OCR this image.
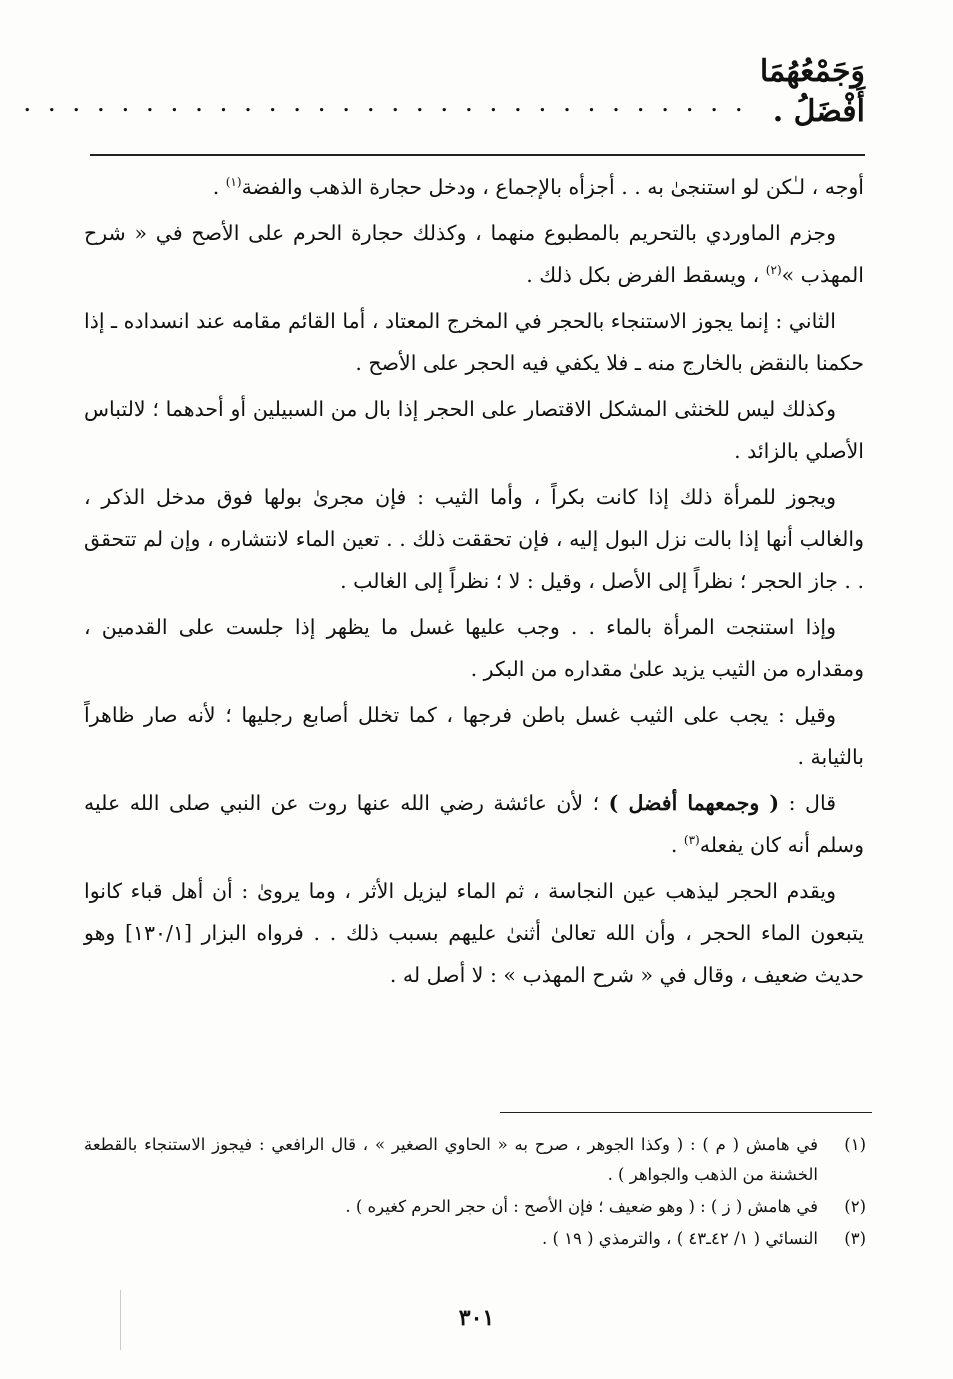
وَجَمْعُهُمَا أَفْضَلُ .
. . . . . . . . . . . . . . . . . . . . . . . . . . . . . .

أوجه ، لـٰكن لو استنجىٰ به . . أجزأه بالإجماع ، ودخل حجارة الذهب والفضة$^{(١)}$ .

وجزم الماوردي بالتحريم بالمطبوع منهما ، وكذلك حجارة الحرم على الأصح في « شرح المهذب »$^{(٢)}$ ، ويسقط الفرض بكل ذلك .

الثاني : إنما يجوز الاستنجاء بالحجر في المخرج المعتاد ، أما القائم مقامه عند انسداده ـ إذا حكمنا بالنقض بالخارج منه ـ فلا يكفي فيه الحجر على الأصح .

وكذلك ليس للخنثى المشكل الاقتصار على الحجر إذا بال من السبيلين أو أحدهما ؛ لالتباس الأصلي بالزائد .

ويجوز للمرأة ذلك إذا كانت بكراً ، وأما الثيب : فإن مجرىٰ بولها فوق مدخل الذكر ، والغالب أنها إذا بالت نزل البول إليه ، فإن تحققت ذلك . . تعين الماء لانتشاره ، وإن لم تتحقق . . جاز الحجر ؛ نظراً إلى الأصل ، وقيل : لا ؛ نظراً إلى الغالب .

وإذا استنجت المرأة بالماء . . وجب عليها غسل ما يظهر إذا جلست على القدمين ، ومقداره من الثيب يزيد علىٰ مقداره من البكر .

وقيل : يجب على الثيب غسل باطن فرجها ، كما تخلل أصابع رجليها ؛ لأنه صار ظاهراً بالثيابة .

قال : ( وجمعهما أفضل ) ؛ لأن عائشة رضي الله عنها روت عن النبي صلى الله عليه وسلم أنه كان يفعله$^{(٣)}$ .

ويقدم الحجر ليذهب عين النجاسة ، ثم الماء ليزيل الأثر ، وما يروىٰ : أن أهل قباء كانوا يتبعون الماء الحجر ، وأن الله تعالىٰ أثنىٰ عليهم بسبب ذلك . . فرواه البزار [١٣٠/١] وهو حديث ضعيف ، وقال في « شرح المهذب » : لا أصل له .

(١)
في هامش ( م ) : ( وكذا الجوهر ، صرح به « الحاوي الصغير » ، قال الرافعي : فيجوز الاستنجاء بالقطعة الخشنة من الذهب والجواهر ) .
(٢)
في هامش ( ز ) : ( وهو ضعيف ؛ فإن الأصح : أن حجر الحرم كغيره ) .
(٣)
النسائي ( ١/ ٤٢ـ٤٣ ) ، والترمذي ( ١٩ ) .
٣٠١
